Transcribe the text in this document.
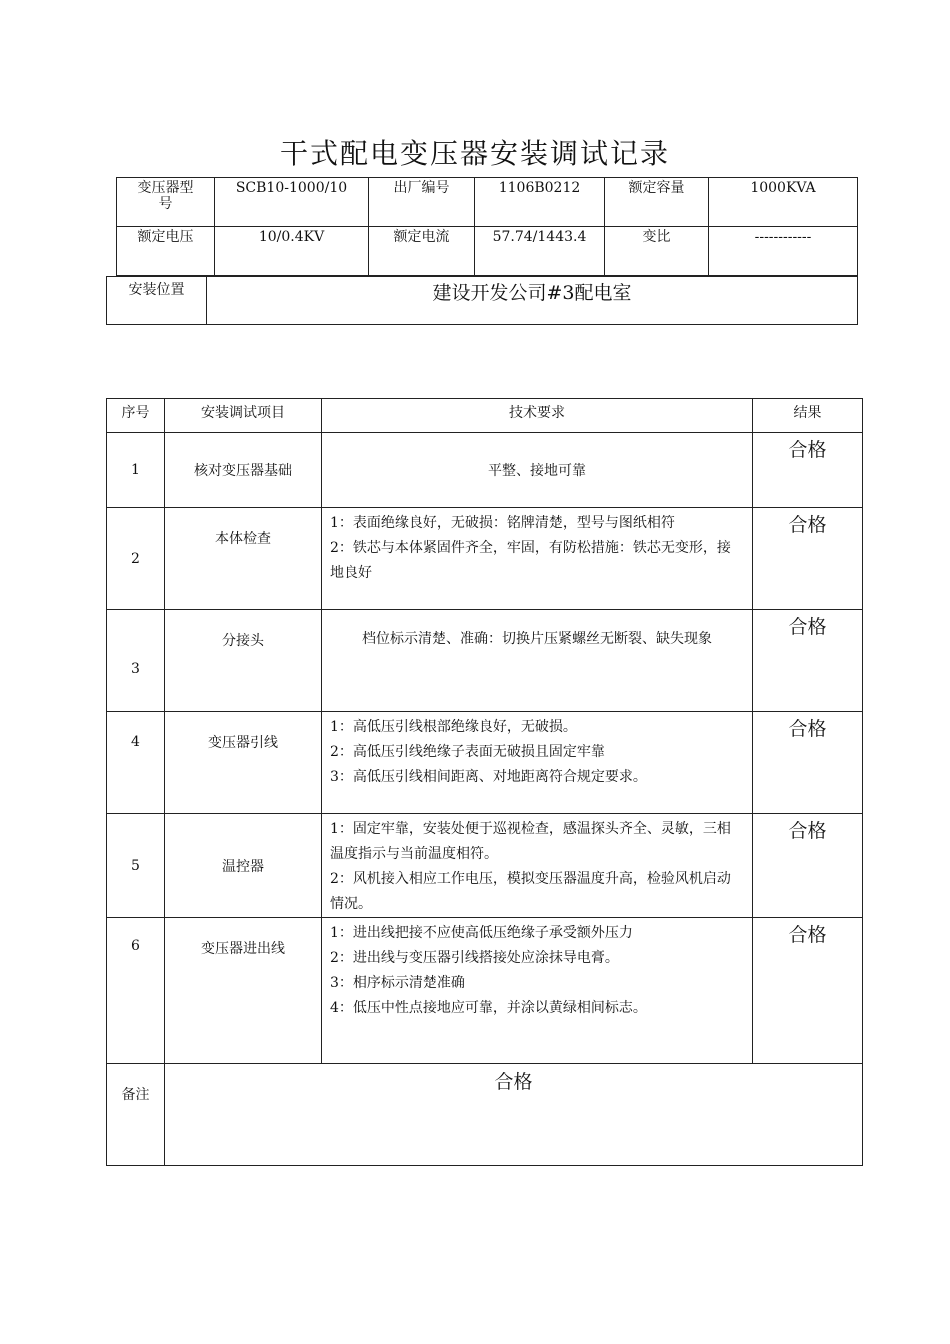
干式配电变压器安装调试记录
变压器型号	SCB10-1000/10	出厂编号	1106B0212	额定容量	1000KVA
额定电压	10/0.4KV	额定电流	57.74/1443.4	变比	------------
安装位置	建设开发公司#3配电室
序号	安装调试项目	技术要求	结果
1	核对变压器基础	平整、接地可靠	合格
2	本体检查	1：表面绝缘良好，无破损：铭牌清楚，型号与图纸相符
2：铁芯与本体紧固件齐全，牢固，有防松措施：铁芯无变形，接地良好	合格
3	分接头	档位标示清楚、准确：切换片压紧螺丝无断裂、缺失现象	合格
4	变压器引线	1：高低压引线根部绝缘良好，无破损。
2：高低压引线绝缘子表面无破损且固定牢靠
3：高低压引线相间距离、对地距离符合规定要求。	合格
5	温控器	1：固定牢靠，安装处便于巡视检查，感温探头齐全、灵敏，三相温度指示与当前温度相符。
2：风机接入相应工作电压，模拟变压器温度升高，检验风机启动情况。	合格
6	变压器进出线	1：进出线把接不应使高低压绝缘子承受额外压力
2：进出线与变压器引线搭接处应涂抹导电膏。
3：相序标示清楚准确
4：低压中性点接地应可靠，并涂以黄绿相间标志。	合格
备注	合格		
